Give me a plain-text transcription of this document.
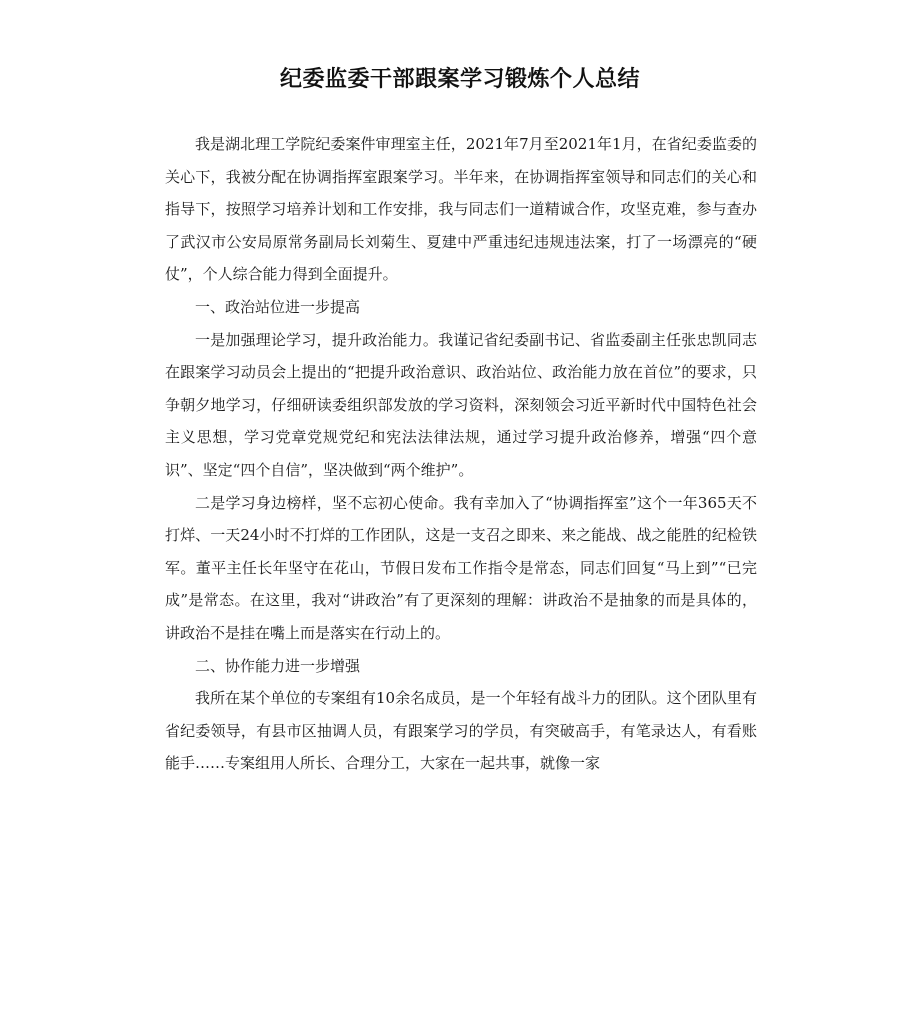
纪委监委干部跟案学习锻炼个人总结

我是湖北理工学院纪委案件审理室主任，2021年7月至2021年1月，在省纪委监委的关心下，我被分配在协调指挥室跟案学习。半年来，在协调指挥室领导和同志们的关心和指导下，按照学习培养计划和工作安排，我与同志们一道精诚合作，攻坚克难，参与查办了武汉市公安局原常务副局长刘菊生、夏建中严重违纪违规违法案，打了一场漂亮的“硬仗”，个人综合能力得到全面提升。

一、政治站位进一步提高

一是加强理论学习，提升政治能力。我谨记省纪委副书记、省监委副主任张忠凯同志在跟案学习动员会上提出的“把提升政治意识、政治站位、政治能力放在首位”的要求，只争朝夕地学习，仔细研读委组织部发放的学习资料，深刻领会习近平新时代中国特色社会主义思想，学习党章党规党纪和宪法法律法规，通过学习提升政治修养，增强“四个意识”、坚定“四个自信”，坚决做到“两个维护”。

二是学习身边榜样，坚不忘初心使命。我有幸加入了“协调指挥室”这个一年365天不打烊、一天24小时不打烊的工作团队，这是一支召之即来、来之能战、战之能胜的纪检铁军。董平主任长年坚守在花山，节假日发布工作指令是常态，同志们回复“马上到”“已完成”是常态。在这里，我对“讲政治”有了更深刻的理解：讲政治不是抽象的而是具体的，讲政治不是挂在嘴上而是落实在行动上的。

二、协作能力进一步增强

我所在某个单位的专案组有10余名成员，是一个年轻有战斗力的团队。这个团队里有省纪委领导，有县市区抽调人员，有跟案学习的学员，有突破高手，有笔录达人，有看账能手……专案组用人所长、合理分工，大家在一起共事，就像一家
